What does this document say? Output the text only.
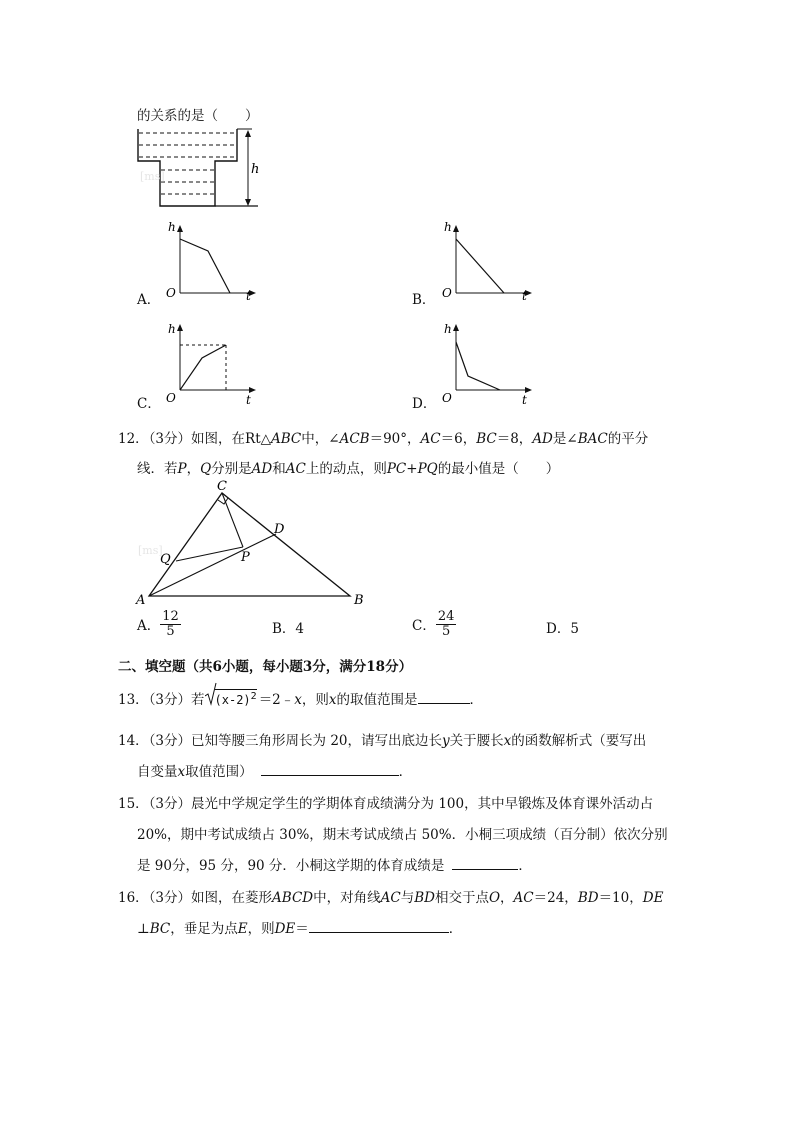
的关系的是（　　）
h
[ms]
A．
h
O	t	B．
h
O	t
C．
h
O	t	D．
h
O	t
12．（3分）如图，在Rt△ABC中，∠ACB＝90°，AC＝6，BC＝8，AD是∠BAC的平分
线．若P，Q分别是AD和AC上的动点，则PC+PQ的最小值是（　　）
C
D
Q	P
A	B
[ms]
A． $\frac{12}{5}$	B．4	C． $\frac{24}{5}$	D．5
二、填空题（共6小题，每小题3分，满分18分）
13．（3分）若 $(x-2)^2$ ＝2﹣x，则x的取值范围是	．
14．（3分）已知等腰三角形周长为 20，请写出底边长y关于腰长x的函数解析式（要写出
自变量x取值范围）	．
15．（3分）晨光中学规定学生的学期体育成绩满分为 100，其中早锻炼及体育课外活动占
20%，期中考试成绩占 30%，期末考试成绩占 50%．小桐三项成绩（百分制）依次分别
是 90分，95 分，90 分．小桐这学期的体育成绩是	．
16．（3分）如图，在菱形ABCD中，对角线AC与BD相交于点O，AC＝24，BD＝10，DE
⊥BC，垂足为点E，则DE＝	．
